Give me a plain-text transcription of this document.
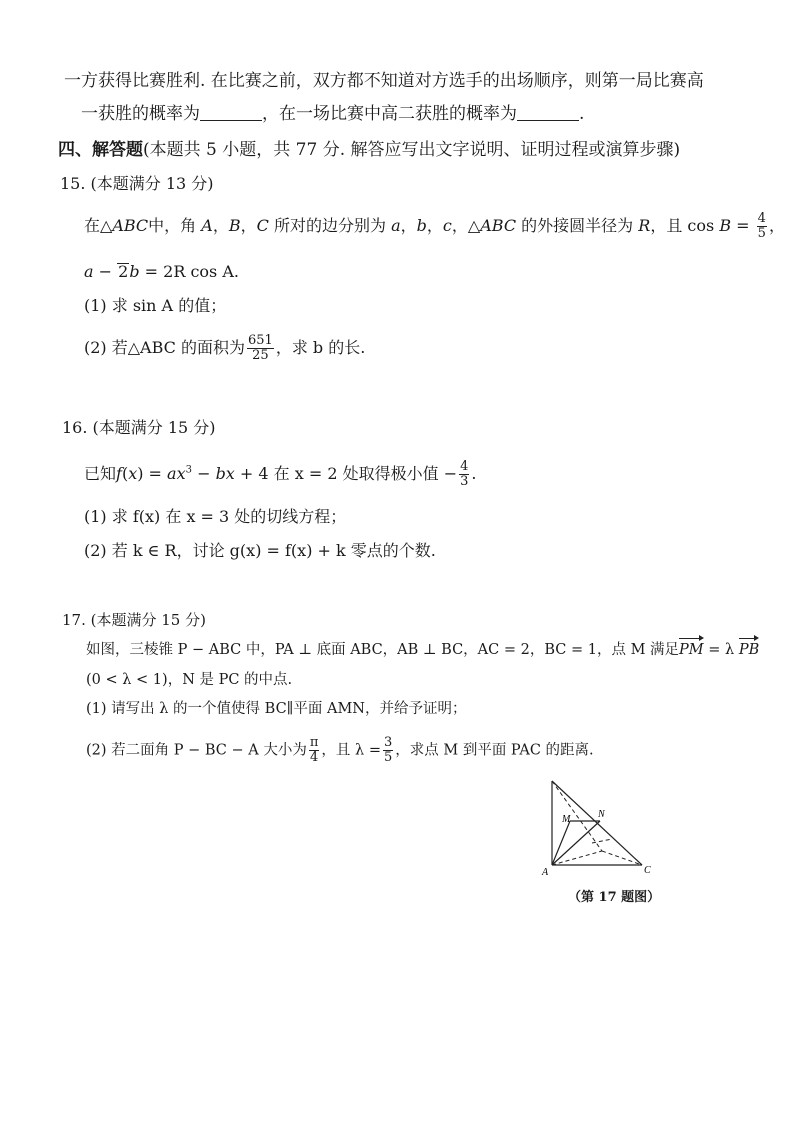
一方获得比赛胜利. 在比赛之前，双方都不知道对方选手的出场顺序，则第一局比赛高
一获胜的概率为	，在一场比赛中高二获胜的概率为	.
四、解答题(本题共 5 小题，共 77 分. 解答应写出文字说明、证明过程或演算步骤)
15. (本题满分 13 分)
在△ABC中，角 A，B，C 所对的边分别为 a，b，c，△ABC 的外接圆半径为 R，且 $\cos B = \frac{4}{5}$ ，
a − 2b = 2R cos A.
(1) 求 sin A 的值；
(2) 若△ABC 的面积为 $\frac{651}{25}$ ，求 b 的长.
16. (本题满分 15 分)
已知$f(x) = ax^3$ − bx + 4 在 x = 2 处取得极小值 − $\frac{4}{3}$ .
(1) 求 f(x) 在 x = 3 处的切线方程；
(2) 若 k ∈ R，讨论 g(x) = f(x) + k 零点的个数.
17. (本题满分 15 分)
如图，三棱锥 P − ABC 中，PA ⊥ 底面 ABC，AB ⊥ BC，AC = 2，BC = 1，点 M 满足PM = λ PB
(0 < λ < 1)，N 是 PC 的中点.
(1) 请写出 λ 的一个值使得 BC∥平面 AMN，并给予证明；
(2) 若二面角 P − BC − A 大小为 $\frac{\pi}{4}$ ，且 $\lambda = \frac{3}{5}$ ，求点 M 到平面 PAC 的距离.
M	N
A	C
（第 17 题图）
